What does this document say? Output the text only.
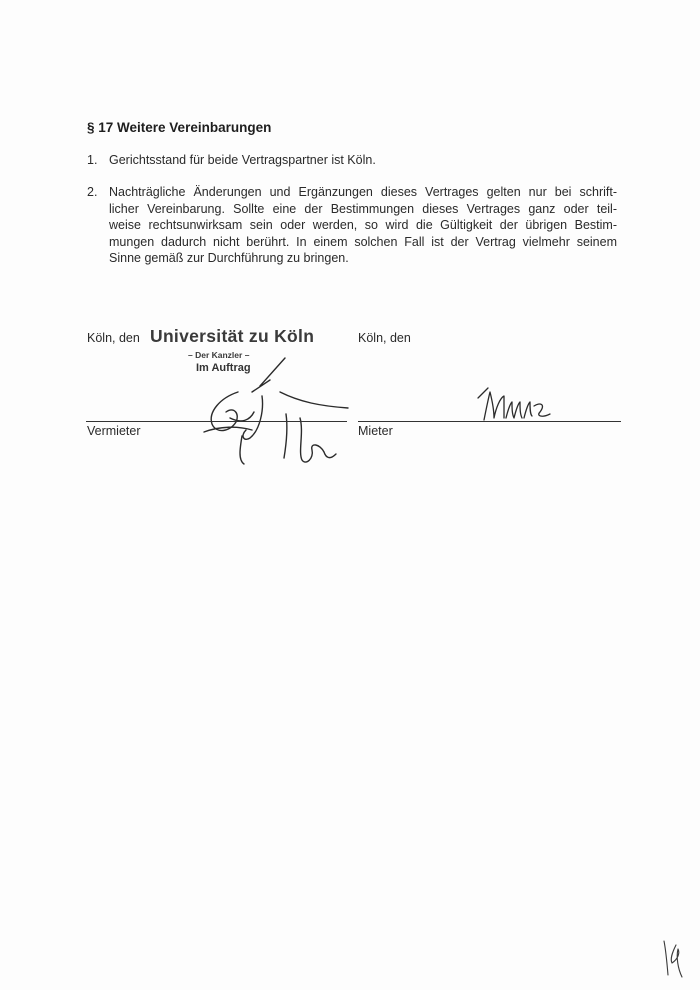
§ 17 Weitere Vereinbarungen
1. Gerichtsstand für beide Vertragspartner ist Köln.
2. Nachträgliche Änderungen und Ergänzungen dieses Vertrages gelten nur bei schrift-
licher Vereinbarung. Sollte eine der Bestimmungen dieses Vertrages ganz oder teil-
weise rechtsunwirksam sein oder werden, so wird die Gültigkeit der übrigen Bestim-
mungen dadurch nicht berührt. In einem solchen Fall ist der Vertrag vielmehr seinem
Sinne gemäß zur Durchführung zu bringen.
Köln, den Universität zu Köln
– Der Kanzler –
Im Auftrag
Vermieter
Köln, den
Mieter
